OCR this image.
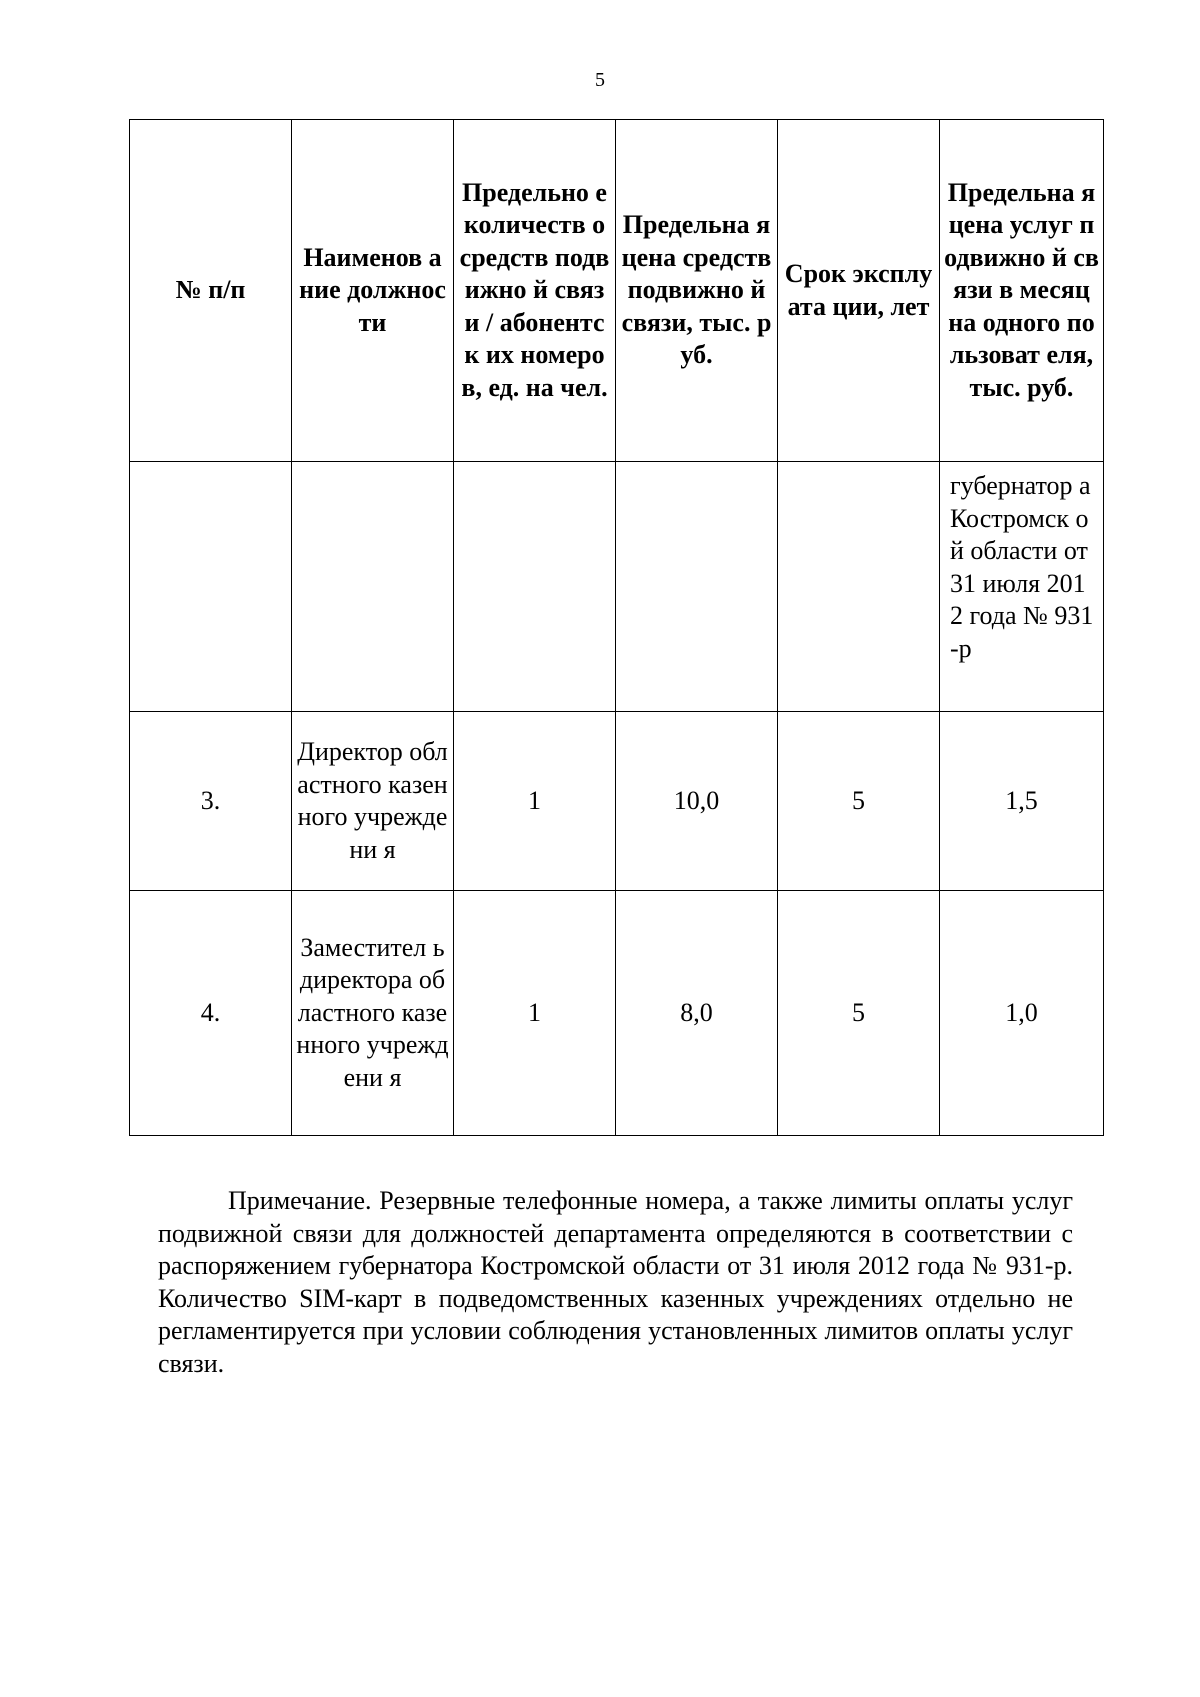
5
№ п/п	Наименов ание должности	Предельно е количеств о средств подвижно й связи / абонентск их номеров, ед. на чел.	Предельна я цена средств подвижно й связи, тыс. руб.	Срок эксплуата ции, лет	Предельна я цена услуг подвижно й связи в месяц на одного пользоват еля, тыс. руб.
					губернатор а Костромск ой области от 31 июля 2012 года № 931-р
3.	Директор областного казенного учреждени я	1	10,0	5	1,5
4.	Заместител ь директора областного казенного учреждени я	1	8,0	5	1,0

Примечание. Резервные телефонные номера, а также лимиты оплаты услуг подвижной связи для должностей департамента определяются в соответствии с распоряжением губернатора Костромской области от 31 июля 2012 года № 931-р. Количество SIM-карт в подведомственных казенных учреждениях отдельно не регламентируется при условии соблюдения установленных лимитов оплаты услуг связи.
